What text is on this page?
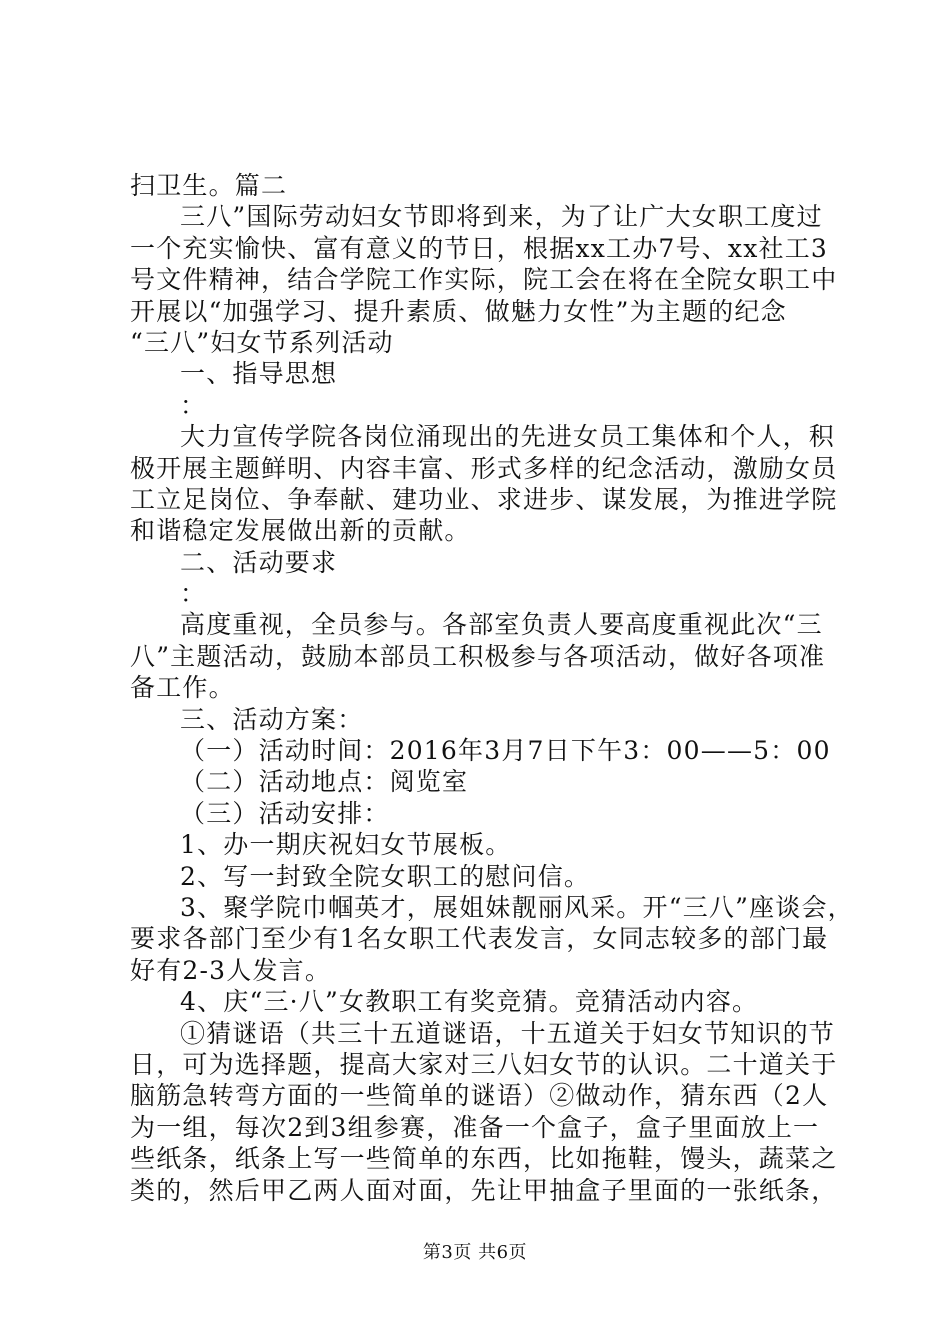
扫卫生。篇二
三八”国际劳动妇女节即将到来，为了让广大女职工度过
一个充实愉快、富有意义的节日，根据xx工办7号、xx社工3
号文件精神，结合学院工作实际，院工会在将在全院女职工中
开展以“加强学习、提升素质、做魅力女性”为主题的纪念
“三八”妇女节系列活动
一、指导思想
：
大力宣传学院各岗位涌现出的先进女员工集体和个人，积
极开展主题鲜明、内容丰富、形式多样的纪念活动，激励女员
工立足岗位、争奉献、建功业、求进步、谋发展，为推进学院
和谐稳定发展做出新的贡献。
二、活动要求
：
高度重视，全员参与。各部室负责人要高度重视此次“三
八”主题活动，鼓励本部员工积极参与各项活动，做好各项准
备工作。
三、活动方案：
（一）活动时间：2016年3月7日下午3：00——5：00
（二）活动地点：阅览室
（三）活动安排：
1、办一期庆祝妇女节展板。
2、写一封致全院女职工的慰问信。
3、聚学院巾帼英才，展姐妹靓丽风采。开“三八”座谈会，
要求各部门至少有1名女职工代表发言，女同志较多的部门最
好有2-3人发言。
4、庆“三·八”女教职工有奖竞猜。竞猜活动内容。
①猜谜语（共三十五道谜语，十五道关于妇女节知识的节
日，可为选择题，提高大家对三八妇女节的认识。二十道关于
脑筋急转弯方面的一些简单的谜语）②做动作，猜东西（2人
为一组，每次2到3组参赛，准备一个盒子，盒子里面放上一
些纸条，纸条上写一些简单的东西，比如拖鞋，馒头，蔬菜之
类的，然后甲乙两人面对面，先让甲抽盒子里面的一张纸条，
第3页 共6页
